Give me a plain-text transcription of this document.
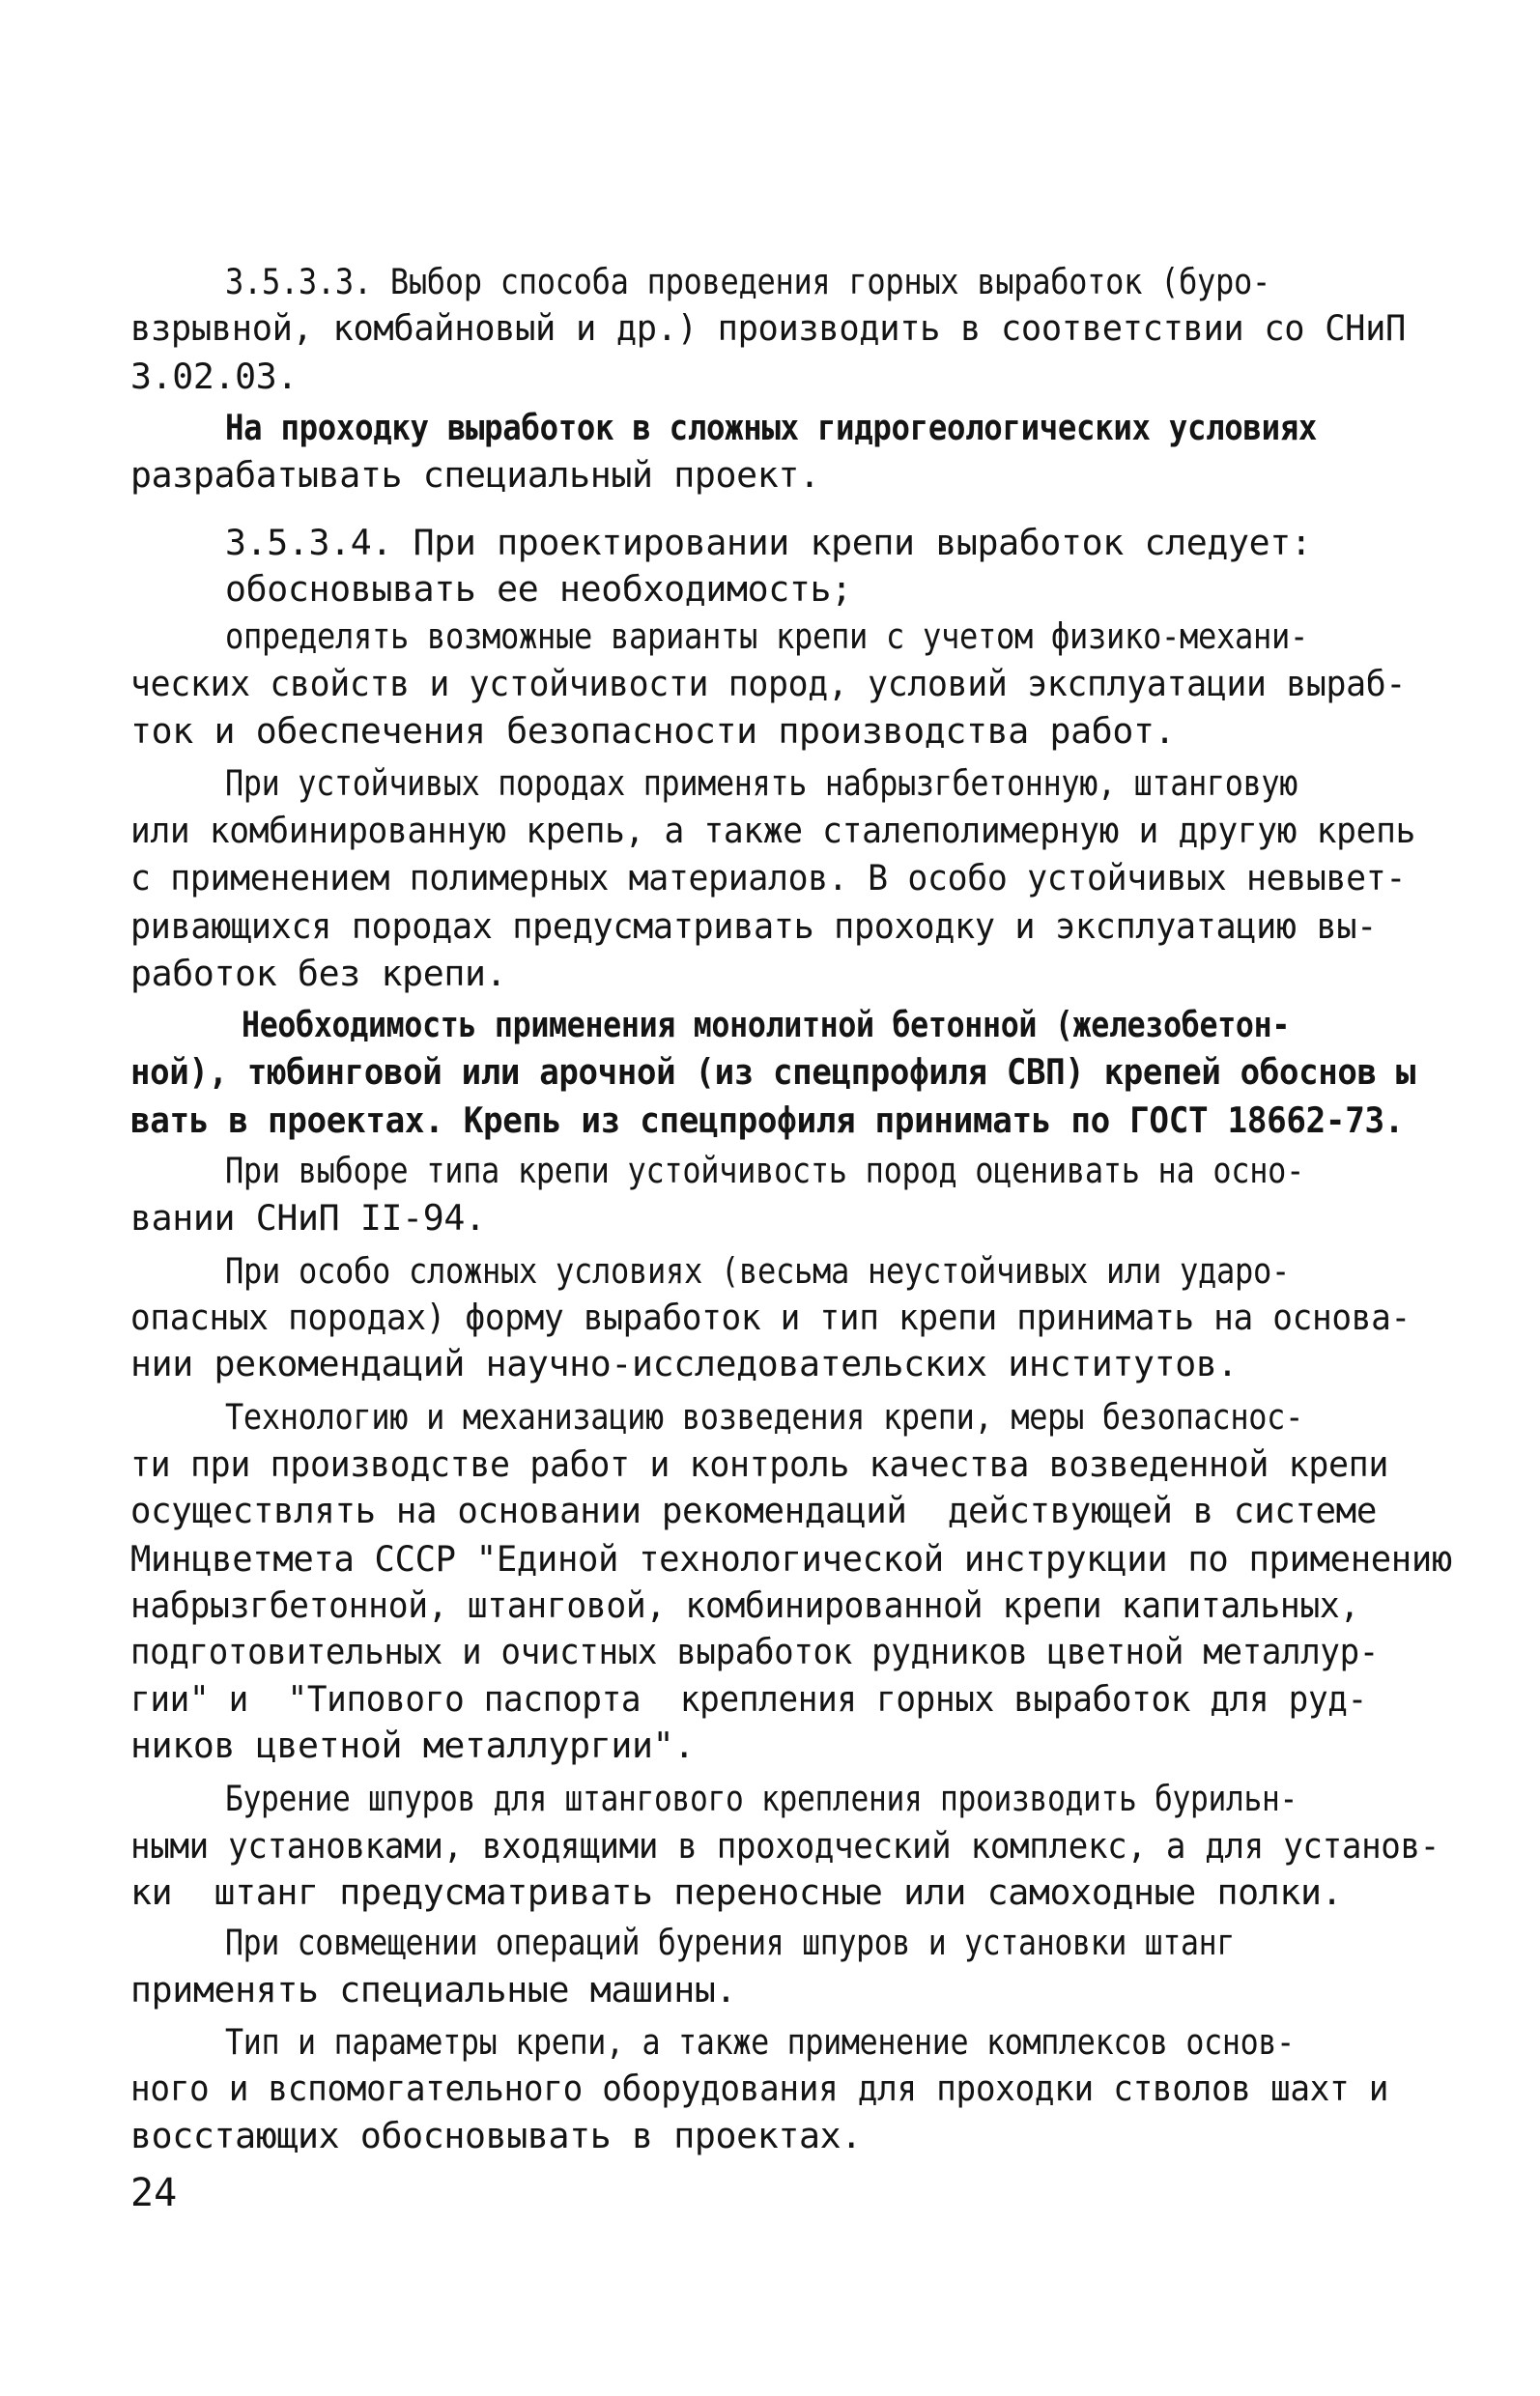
3.5.3.3. Выбор способа проведения горных выработок (буро-
взрывной, комбайновый и др.) производить в соответствии со СНиП
3.02.03.
На проходку выработок в сложных гидрогеологических условиях
разрабатывать специальный проект.
3.5.3.4. При проектировании крепи выработок следует:
обосновывать ее необходимость;
определять возможные варианты крепи с учетом физико-механи-
ческих свойств и устойчивости пород, условий эксплуатации выраб-
ток и обеспечения безопасности производства работ.
При устойчивых породах применять набрызгбетонную, штанговую
или комбинированную крепь, а также сталеполимерную и другую крепь
с применением полимерных материалов. В особо устойчивых невывет-
ривающихся породах предусматривать проходку и эксплуатацию вы-
работок без крепи.
Необходимость применения монолитной бетонной (железобетон-
ной), тюбинговой или арочной (из спецпрофиля СВП) крепей обоснов ы
вать в проектах. Крепь из спецпрофиля принимать по ГОСТ 18662-73.
При выборе типа крепи устойчивость пород оценивать на осно-
вании СНиП II-94.
При особо сложных условиях (весьма неустойчивых или ударо-
опасных породах) форму выработок и тип крепи принимать на основа-
нии рекомендаций научно-исследовательских институтов.
Технологию и механизацию возведения крепи, меры безопаснос-
ти при производстве работ и контроль качества возведенной крепи
осуществлять на основании рекомендаций  действующей в системе
Минцветмета СССР "Единой технологической инструкции по применению
набрызгбетонной, штанговой, комбинированной крепи капитальных,
подготовительных и очистных выработок рудников цветной металлур-
гии" и  "Типового паспорта  крепления горных выработок для руд-
ников цветной металлургии".
Бурение шпуров для штангового крепления производить бурильн-
ными установками, входящими в проходческий комплекс, а для установ-
ки  штанг предусматривать переносные или самоходные полки.
При совмещении операций бурения шпуров и установки штанг
применять специальные машины.
Тип и параметры крепи, а также применение комплексов основ-
ного и вспомогательного оборудования для проходки стволов шахт и
восстающих обосновывать в проектах.
24
